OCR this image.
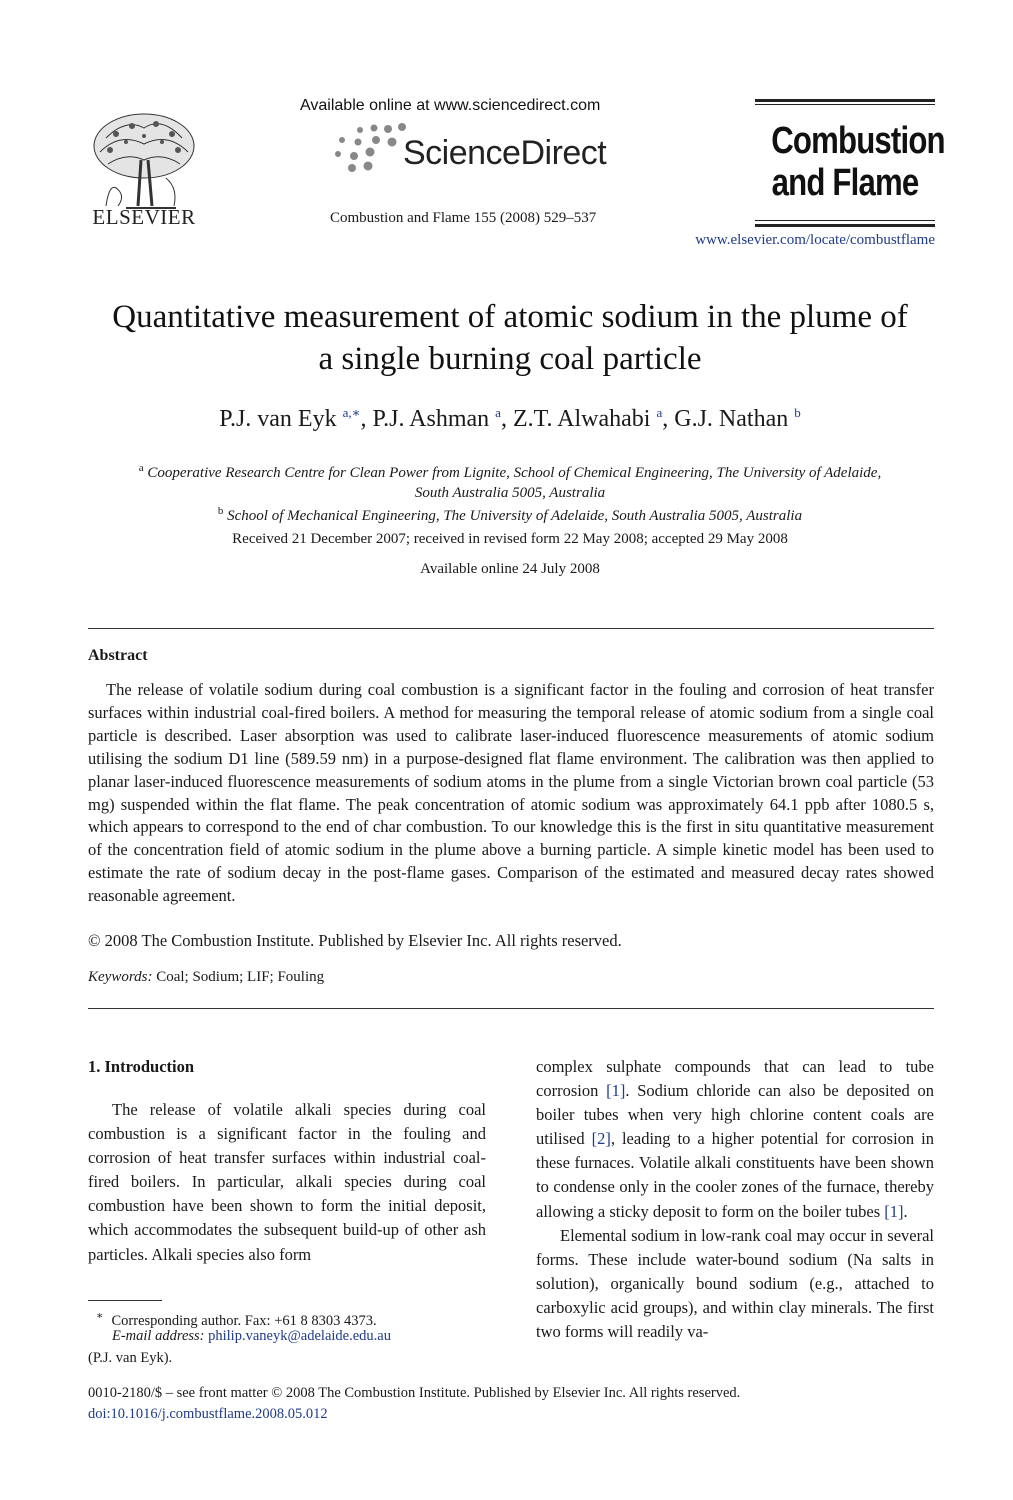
ELSEVIER
Available online at www.sciencedirect.com
ScienceDirect
Combustion and Flame 155 (2008) 529–537
Combustion
and Flame
www.elsevier.com/locate/combustflame
Quantitative measurement of atomic sodium in the plume of
a single burning coal particle
P.J. van Eyk $^{a,∗}$, P.J. Ashman $^a$, Z.T. Alwahabi $^a$, G.J. Nathan $^b$
$^a$ Cooperative Research Centre for Clean Power from Lignite, School of Chemical Engineering, The University of Adelaide,
South Australia 5005, Australia
$^b$ School of Mechanical Engineering, The University of Adelaide, South Australia 5005, Australia
Received 21 December 2007; received in revised form 22 May 2008; accepted 29 May 2008
Available online 24 July 2008
Abstract
The release of volatile sodium during coal combustion is a significant factor in the fouling and corrosion of heat transfer surfaces within industrial coal-fired boilers. A method for measuring the temporal release of atomic sodium from a single coal particle is described. Laser absorption was used to calibrate laser-induced fluorescence measurements of atomic sodium utilising the sodium D1 line (589.59 nm) in a purpose-designed flat flame environment. The calibration was then applied to planar laser-induced fluorescence measurements of sodium atoms in the plume from a single Victorian brown coal particle (53 mg) suspended within the flat flame. The peak concentration of atomic sodium was approximately 64.1 ppb after 1080.5 s, which appears to correspond to the end of char combustion. To our knowledge this is the first in situ quantitative measurement of the concentration field of atomic sodium in the plume above a burning particle. A simple kinetic model has been used to estimate the rate of sodium decay in the post-flame gases. Comparison of the estimated and measured decay rates showed reasonable agreement.
© 2008 The Combustion Institute. Published by Elsevier Inc. All rights reserved.
Keywords: Coal; Sodium; LIF; Fouling
1. Introduction
The release of volatile alkali species during coal combustion is a significant factor in the fouling and corrosion of heat transfer surfaces within industrial coal-fired boilers. In particular, alkali species during coal combustion have been shown to form the initial deposit, which accommodates the subsequent build-up of other ash particles. Alkali species also form

complex sulphate compounds that can lead to tube corrosion [1]. Sodium chloride can also be deposited on boiler tubes when very high chlorine content coals are utilised [2], leading to a higher potential for corrosion in these furnaces. Volatile alkali constituents have been shown to condense only in the cooler zones of the furnace, thereby allowing a sticky deposit to form on the boiler tubes [1].

Elemental sodium in low-rank coal may occur in several forms. These include water-bound sodium (Na salts in solution), organically bound sodium (e.g., attached to carboxylic acid groups), and within clay minerals. The first two forms will readily va-

∗ Corresponding author. Fax: +61 8 8303 4373.
E-mail address: philip.vaneyk@adelaide.edu.au
(P.J. van Eyk).
0010-2180/$ – see front matter © 2008 The Combustion Institute. Published by Elsevier Inc. All rights reserved.
doi:10.1016/j.combustflame.2008.05.012
